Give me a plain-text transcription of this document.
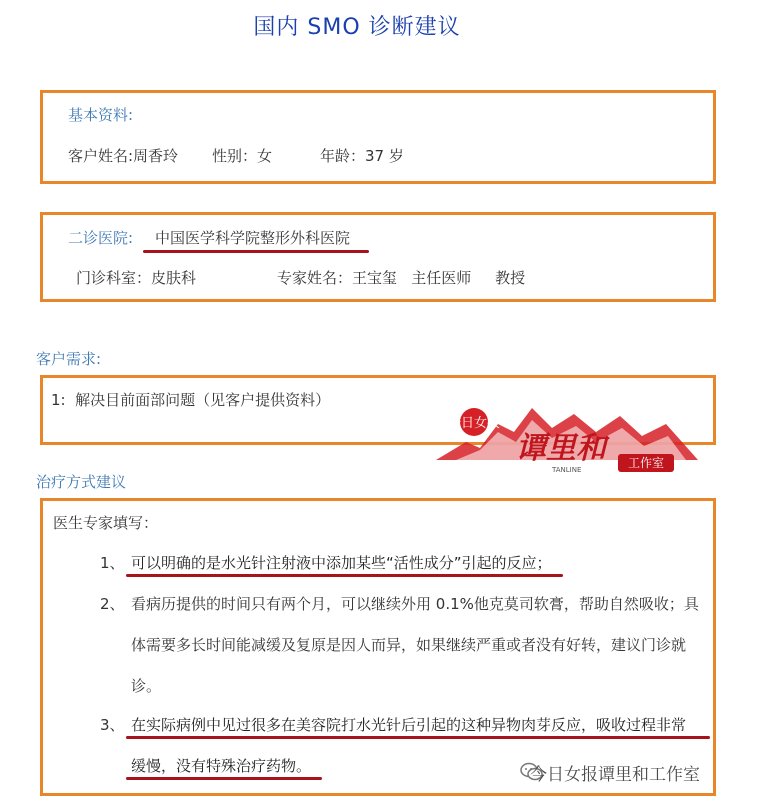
国内 SMO 诊断建议
基本资料:
客户姓名:周香玲 性别：女	年龄：37 岁
二诊医院: 中国医学科学院整形外科医院
门诊科室：皮肤科	专家姓名：王宝玺   主任医师     教授
客户需求:
1:  解决目前面部问题（见客户提供资料）
今日女报
谭里和
TANLINE	工作室
治疗方式建议
医生专家填写：
1、 可以明确的是水光针注射液中添加某些“活性成分”引起的反应；
2、 看病历提供的时间只有两个月，可以继续外用 0.1%他克莫司软膏，帮助自然吸收；具
体需要多长时间能减缓及复原是因人而异，如果继续严重或者没有好转，建议门诊就
诊。
3、 在实际病例中见过很多在美容院打水光针后引起的这种异物肉芽反应，吸收过程非常
缓慢，没有特殊治疗药物。	今日女报谭里和工作室
